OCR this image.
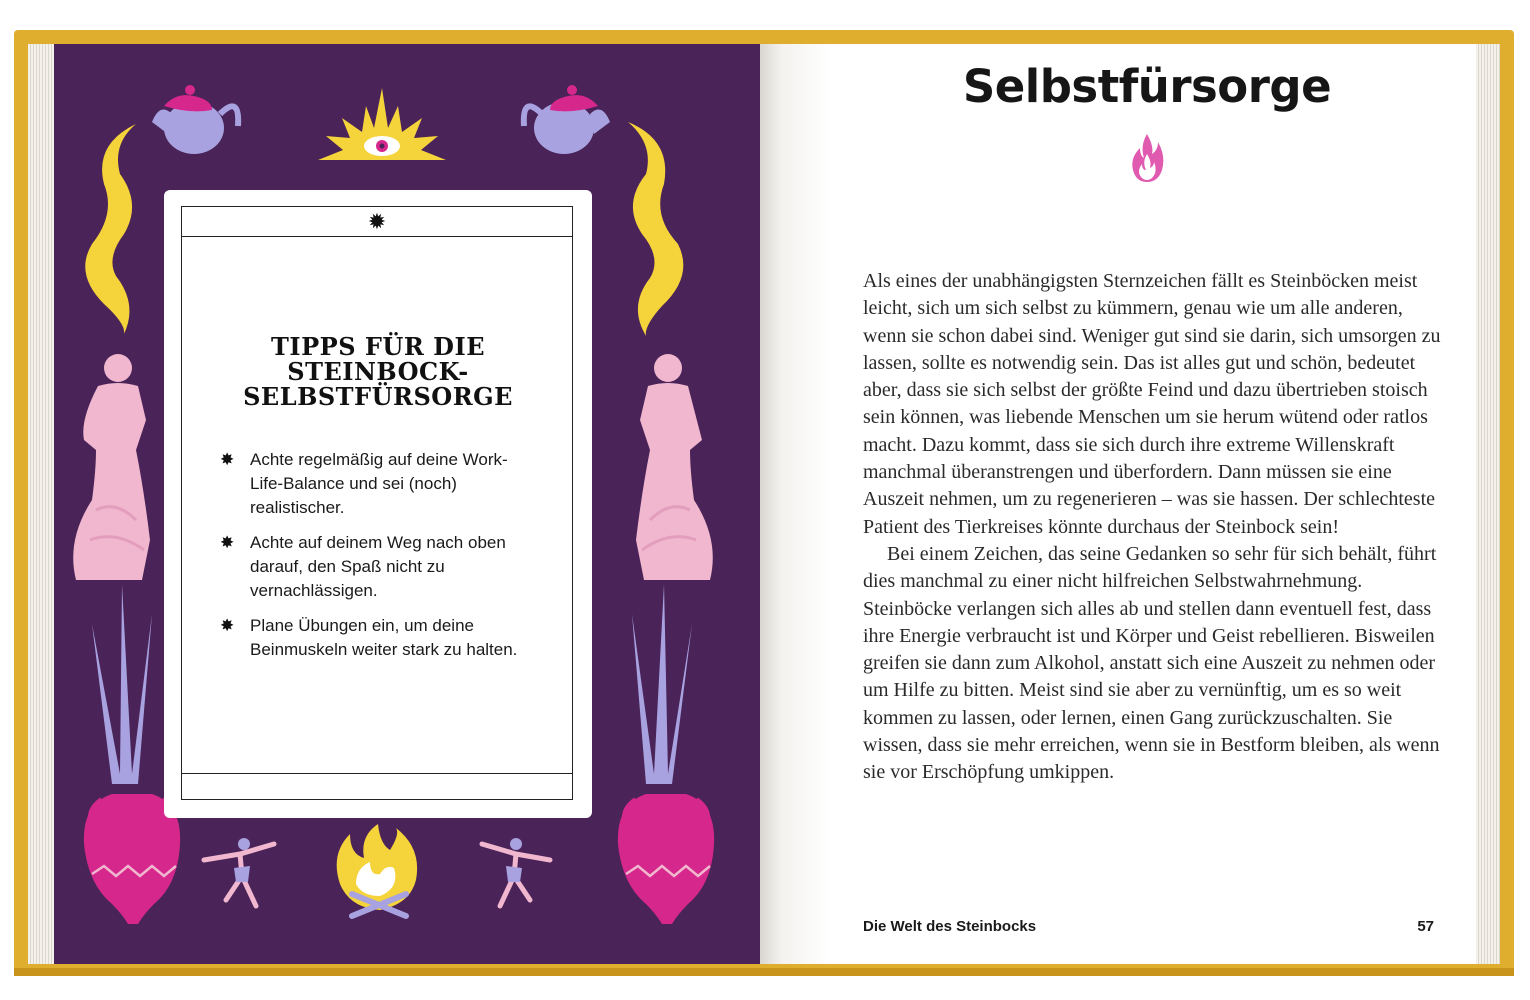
✹
TIPPS FÜR DIE STEINBOCK-SELBSTFÜRSORGE
✸ Achte regelmäßig auf deine Work-Life-Balance und sei (noch) realistischer.
✸ Achte auf deinem Weg nach oben darauf, den Spaß nicht zu vernachlässigen.
✸ Plane Übungen ein, um deine Beinmuskeln weiter stark zu halten.
Selbstfürsorge

Als eines der unabhängigsten Sternzeichen fällt es Steinböcken meist leicht, sich um sich selbst zu kümmern, genau wie um alle anderen, wenn sie schon dabei sind. Weniger gut sind sie darin, sich umsorgen zu lassen, sollte es notwendig sein. Das ist alles gut und schön, bedeutet aber, dass sie sich selbst der größte Feind und dazu übertrieben stoisch sein können, was liebende Menschen um sie herum wütend oder ratlos macht. Dazu kommt, dass sie sich durch ihre extreme Willenskraft manchmal überanstrengen und überfordern. Dann müssen sie eine Auszeit nehmen, um zu regenerieren – was sie hassen. Der schlechteste Patient des Tierkreises könnte durchaus der Steinbock sein!

Bei einem Zeichen, das seine Gedanken so sehr für sich behält, führt dies manchmal zu einer nicht hilfreichen Selbstwahrnehmung. Steinböcke verlangen sich alles ab und stellen dann eventuell fest, dass ihre Energie verbraucht ist und Körper und Geist rebellieren. Bisweilen greifen sie dann zum Alkohol, anstatt sich eine Auszeit zu nehmen oder um Hilfe zu bitten. Meist sind sie aber zu vernünftig, um es so weit kommen zu lassen, oder lernen, einen Gang zurückzuschalten. Sie wissen, dass sie mehr erreichen, wenn sie in Bestform bleiben, als wenn sie vor Erschöpfung umkippen.

Die Welt des Steinbocks	57
